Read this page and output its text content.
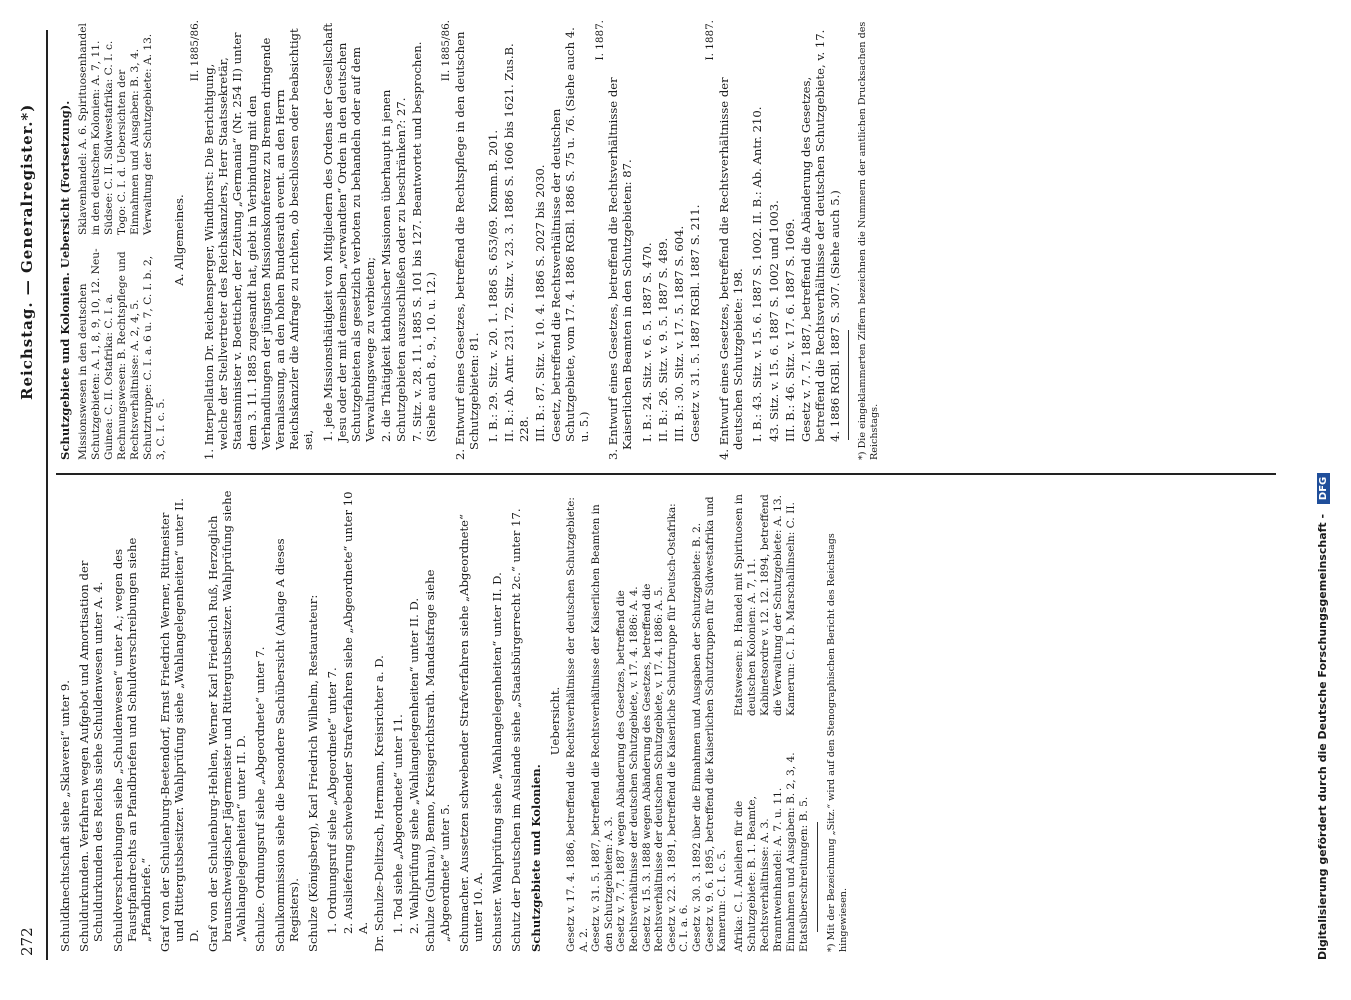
272
Reichstag. — Generalregister.*)

Schuldknechtschaft siehe „Sklaverei“ unter 9. Schuldurkunden. Verfahren wegen Aufgebot und Amortisation der Schuldurkunden des Reichs siehe Schuldenwesen unter A. 4. Schuldverschreibungen siehe „Schuldenwesen“ unter A.; wegen des Faustpfandrechts an Pfandbriefen und Schuldverschreibungen siehe „Pfandbriefe.“ Graf von der Schulenburg-Beetendorf, Ernst Friedrich Werner, Rittmeister und Rittergutsbesitzer. Wahlprüfung siehe „Wahlangelegenheiten“ unter II. D. Graf von der Schulenburg-Hehlen, Werner Karl Friedrich Ruß, Herzoglich braunschweigischer Jägermeister und Rittergutsbesitzer. Wahlprüfung siehe „Wahlangelegenheiten“ unter II. D. Schulze. Ordnungsruf siehe „Abgeordnete“ unter 7. Schulkommission siehe die besondere Sachübersicht (Anlage A dieses Registers). Schulze (Königsberg), Karl Friedrich Wilhelm, Restaurateur: 1. Ordnungsruf siehe „Abgeordnete“ unter 7. 2. Auslieferung schwebender Strafverfahren siehe „Abgeordnete“ unter 10 A. Dr. Schulze-Delitzsch, Hermann, Kreisrichter a. D. 1. Tod siehe „Abgeordnete“ unter 11. 2. Wahlprüfung siehe „Wahlangelegenheiten“ unter II. D. Schulze (Guhrau), Benno, Kreisgerichtsrath. Mandatsfrage siehe „Abgeordnete“ unter 5. Schumacher. Aussetzen schwebender Strafverfahren siehe „Abgeordnete“ unter 10. A. Schuster. Wahlprüfung siehe „Wahlangelegenheiten“ unter II. D. Schutz der Deutschen im Auslande siehe „Staatsbürgerrecht 2c.“ unter 17. Schutzgebiete und Kolonien.

Uebersicht. Gesetz v. 17. 4. 1886, betreffend die Rechtsverhältnisse der deutschen Schutzgebiete: A. 2. Gesetz v. 31. 5. 1887, betreffend die Rechtsverhältnisse der Kaiserlichen Beamten in den Schutzgebieten: A. 3. Gesetz v. 7. 7. 1887 wegen Abänderung des Gesetzes, betreffend die Rechtsverhältnisse der deutschen Schutzgebiete, v. 17. 4. 1886: A. 4. Gesetz v. 15. 3. 1888 wegen Abänderung des Gesetzes, betreffend die Rechtsverhältnisse der deutschen Schutzgebiete, v. 17. 4. 1886: A. 5. Gesetz v. 22. 3. 1891, betreffend die Kaiserliche Schutztruppe für Deutsch-Ostafrika: C. I. a. 6. Gesetz v. 30. 3. 1892 über die Einnahmen und Ausgaben der Schutzgebiete: B. 2. Gesetz v. 9. 6. 1895, betreffend die Kaiserlichen Schutztruppen für Südwestafrika und Kamerun: C. I. c. 5. Afrika: C. I. Anleihen für die Schutzgebiete: B. 1. Beamte, Rechtsverhältnisse: A. 3. Branntweinhandel: A. 7. u. 11. Einnahmen und Ausgaben: B. 2, 3, 4. Etatsüberschreitungen: B. 5.
Etatswesen: B. Handel mit Spirituosen in deutschen Kolonien: A. 7, 11. Kabinetsordre v. 12. 12. 1894, betreffend die Verwaltung der Schutzgebiete: A. 13. Kamerun: C. I. b. Marschallinseln: C. II.	*) Mit der Bezeichnung „Sitz.“ wird auf den Stenographischen Bericht des Reichstags hingewiesen.

Schutzgebiete und Kolonien. Uebersicht (Fortsetzung). Missionswesen in den deutschen Schutzgebieten: A. 1, 8, 9, 10, 12. Neu-Guinea: C. II. Ostafrika: C. I. a. Rechnungswesen: B. Rechtspflege und Rechtsverhältnisse: A. 2, 4, 5. Schutztruppe: C. I. a. 6 u. 7, C. I. b. 2, 3, C. I. c. 5.
Sklavenhandel: A. 6. Spirituosenhandel in den deutschen Kolonien: A. 7, 11. Südsee: C. II. Südwestafrika: C. I. c. Togo: C. I. d. Uebersichten der Einnahmen und Ausgaben: B. 3, 4. Verwaltung der Schutzgebiete: A. 13.

A. Allgemeines.

II. 1885/86.

1. Interpellation Dr. Reichensperger, Windthorst: Die Berichtigung, welche der Stellvertreter des Reichskanzlers, Herr Staatssekretär, Staatsminister v. Boetticher, der Zeitung „Germania“ (Nr. 254 II) unter dem 3. 11. 1885 zugesandt hat, giebt in Verbindung mit den Verhandlungen der jüngsten Missionskonferenz zu Bremen dringende Veranlassung, an den hohen Bundesrath event. an den Herrn Reichskanzler die Anfrage zu richten, ob beschlossen oder beabsichtigt sei, 1. jede Missionsthätigkeit von Mitgliedern des Ordens der Gesellschaft Jesu oder der mit demselben „verwandten“ Orden in den deutschen Schutzgebieten als gesetzlich verboten zu behandeln oder auf dem Verwaltungswege zu verbieten; 2. die Thätigkeit katholischer Missionen überhaupt in jenen Schutzgebieten auszuschließen oder zu beschränken?: 27. 7. Sitz. v. 28. 11. 1885 S. 101 bis 127. Beantwortet und besprochen. (Siehe auch 8., 9., 10. u. 12.)

II. 1885/86. 2. Entwurf eines Gesetzes, betreffend die Rechtspflege in den deutschen Schutzgebieten: 81. I. B.: 29. Sitz. v. 20. 1. 1886 S. 653/69. Komm.B. 201. II. B.: Ab. Antr. 231. 72. Sitz. v. 23. 3. 1886 S. 1606 bis 1621. Zus.B. 228. III. B.: 87. Sitz. v. 10. 4. 1886 S. 2027 bis 2030. Gesetz, betreffend die Rechtsverhältnisse der deutschen Schutzgebiete, vom 17. 4. 1886 RGBl. 1886 S. 75 u. 76. (Siehe auch 4. u. 5.)

I. 1887.

3. Entwurf eines Gesetzes, betreffend die Rechtsverhältnisse der Kaiserlichen Beamten in den Schutzgebieten: 87. I. B.: 24. Sitz. v. 6. 5. 1887 S. 470. II. B.: 26. Sitz. v. 9. 5. 1887 S. 489. III. B.: 30. Sitz. v. 17. 5. 1887 S. 604. Gesetz v. 31. 5. 1887 RGBl. 1887 S. 211.

I. 1887.

4. Entwurf eines Gesetzes, betreffend die Rechtsverhältnisse der deutschen Schutzgebiete: 198. I. B.: 43. Sitz. v. 15. 6. 1887 S. 1002. II. B.: Ab. Antr. 210. 43. Sitz. v. 15. 6. 1887 S. 1002 und 1003. III. B.: 46. Sitz. v. 17. 6. 1887 S. 1069. Gesetz v. 7. 7. 1887, betreffend die Abänderung des Gesetzes, betreffend die Rechtsverhältnisse der deutschen Schutzgebiete, v. 17. 4. 1886 RGBl. 1887 S. 307. (Siehe auch 5.) *) Die eingeklammerten Ziffern bezeichnen die Nummern der amtlichen Drucksachen des Reichstags.

Digitalisierung gefördert durch die Deutsche Forschungsgemeinschaft - DFG
